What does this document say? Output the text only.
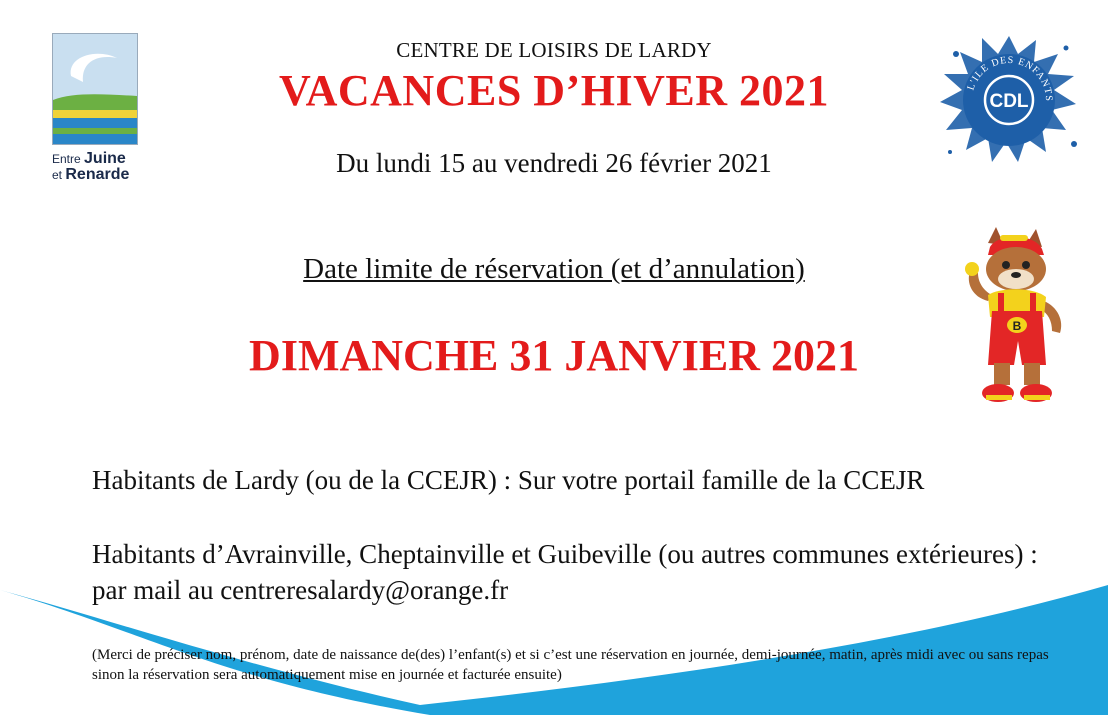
Entre Juine
et Renarde
CDL
L'ILE DES ENFANTS
B
CENTRE DE LOISIRS DE LARDY
VACANCES D’HIVER 2021
Du lundi 15 au vendredi 26 février 2021
Date limite de réservation (et d’annulation)
DIMANCHE 31 JANVIER 2021
Habitants de Lardy (ou de la CCEJR) : Sur votre portail famille de la CCEJR
Habitants d’Avrainville, Cheptainville et Guibeville (ou autres communes extérieures) : par mail au centreresalardy@orange.fr
(Merci de préciser nom, prénom, date de naissance de(des) l’enfant(s) et si c’est une réservation en journée, demi-journée, matin, après midi avec ou sans repas sinon la réservation sera automatiquement mise en journée et facturée ensuite)
